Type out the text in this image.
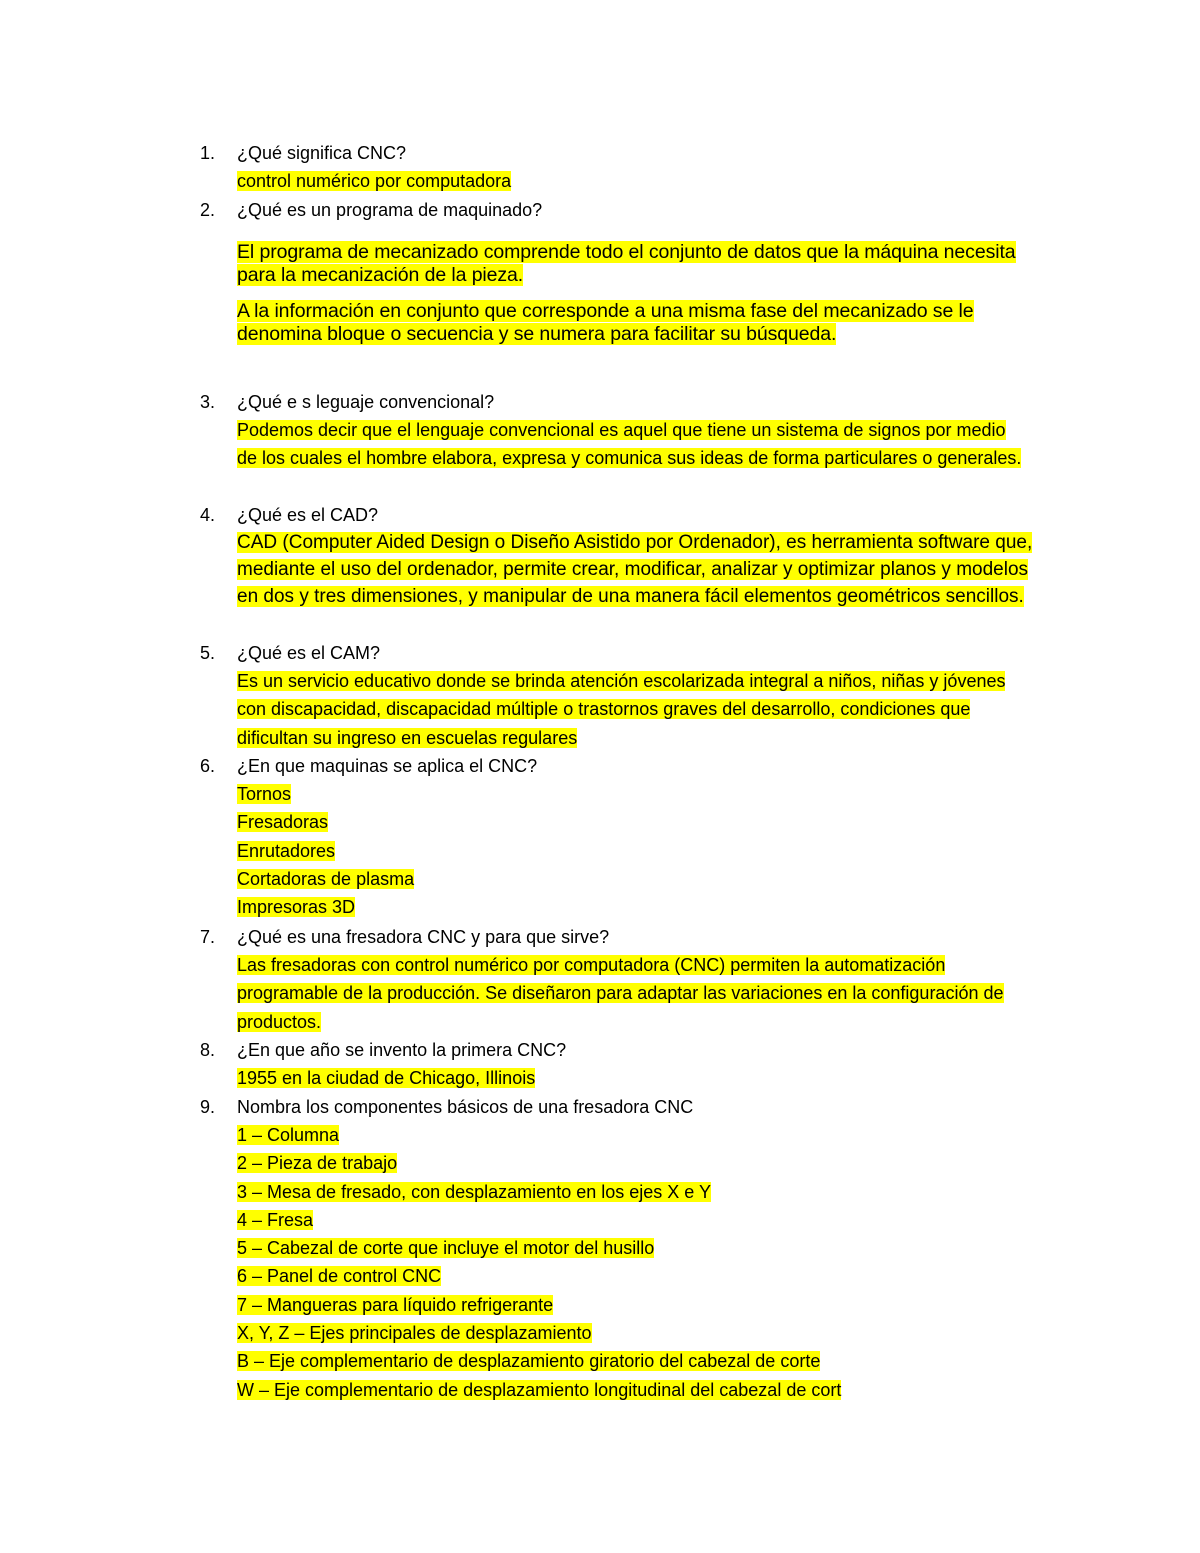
1. ¿Qué significa CNC?
control numérico por computadora
2. ¿Qué es un programa de maquinado?
El programa de mecanizado comprende todo el conjunto de datos que la máquina necesita para la mecanización de la pieza.
A la información en conjunto que corresponde a una misma fase del mecanizado se le denomina bloque o secuencia y se numera para facilitar su búsqueda.
3. ¿Qué e s leguaje convencional?
Podemos decir que el lenguaje convencional es aquel que tiene un sistema de signos por medio de los cuales el hombre elabora, expresa y comunica sus ideas de forma particulares o generales.
4. ¿Qué es el CAD?
CAD (Computer Aided Design o Diseño Asistido por Ordenador), es herramienta software que, mediante el uso del ordenador, permite crear, modificar, analizar y optimizar planos y modelos en dos y tres dimensiones, y manipular de una manera fácil elementos geométricos sencillos.
5. ¿Qué es el CAM?
Es un servicio educativo donde se brinda atención escolarizada integral a niños, niñas y jóvenes con discapacidad, discapacidad múltiple o trastornos graves del desarrollo, condiciones que dificultan su ingreso en escuelas regulares
6. ¿En que maquinas se aplica el CNC?
Tornos
Fresadoras
Enrutadores
Cortadoras de plasma
Impresoras 3D
7. ¿Qué es una fresadora CNC y para que sirve?
Las fresadoras con control numérico por computadora (CNC) permiten la automatización programable de la producción. Se diseñaron para adaptar las variaciones en la configuración de productos.
8. ¿En que año se invento la primera CNC?
1955 en la ciudad de Chicago, Illinois
9. Nombra los componentes básicos de una fresadora CNC
1 – Columna
2 – Pieza de trabajo
3 – Mesa de fresado, con desplazamiento en los ejes X e Y
4 – Fresa
5 – Cabezal de corte que incluye el motor del husillo
6 – Panel de control CNC
7 – Mangueras para líquido refrigerante
X, Y, Z – Ejes principales de desplazamiento
B – Eje complementario de desplazamiento giratorio del cabezal de corte
W – Eje complementario de desplazamiento longitudinal del cabezal de cort
